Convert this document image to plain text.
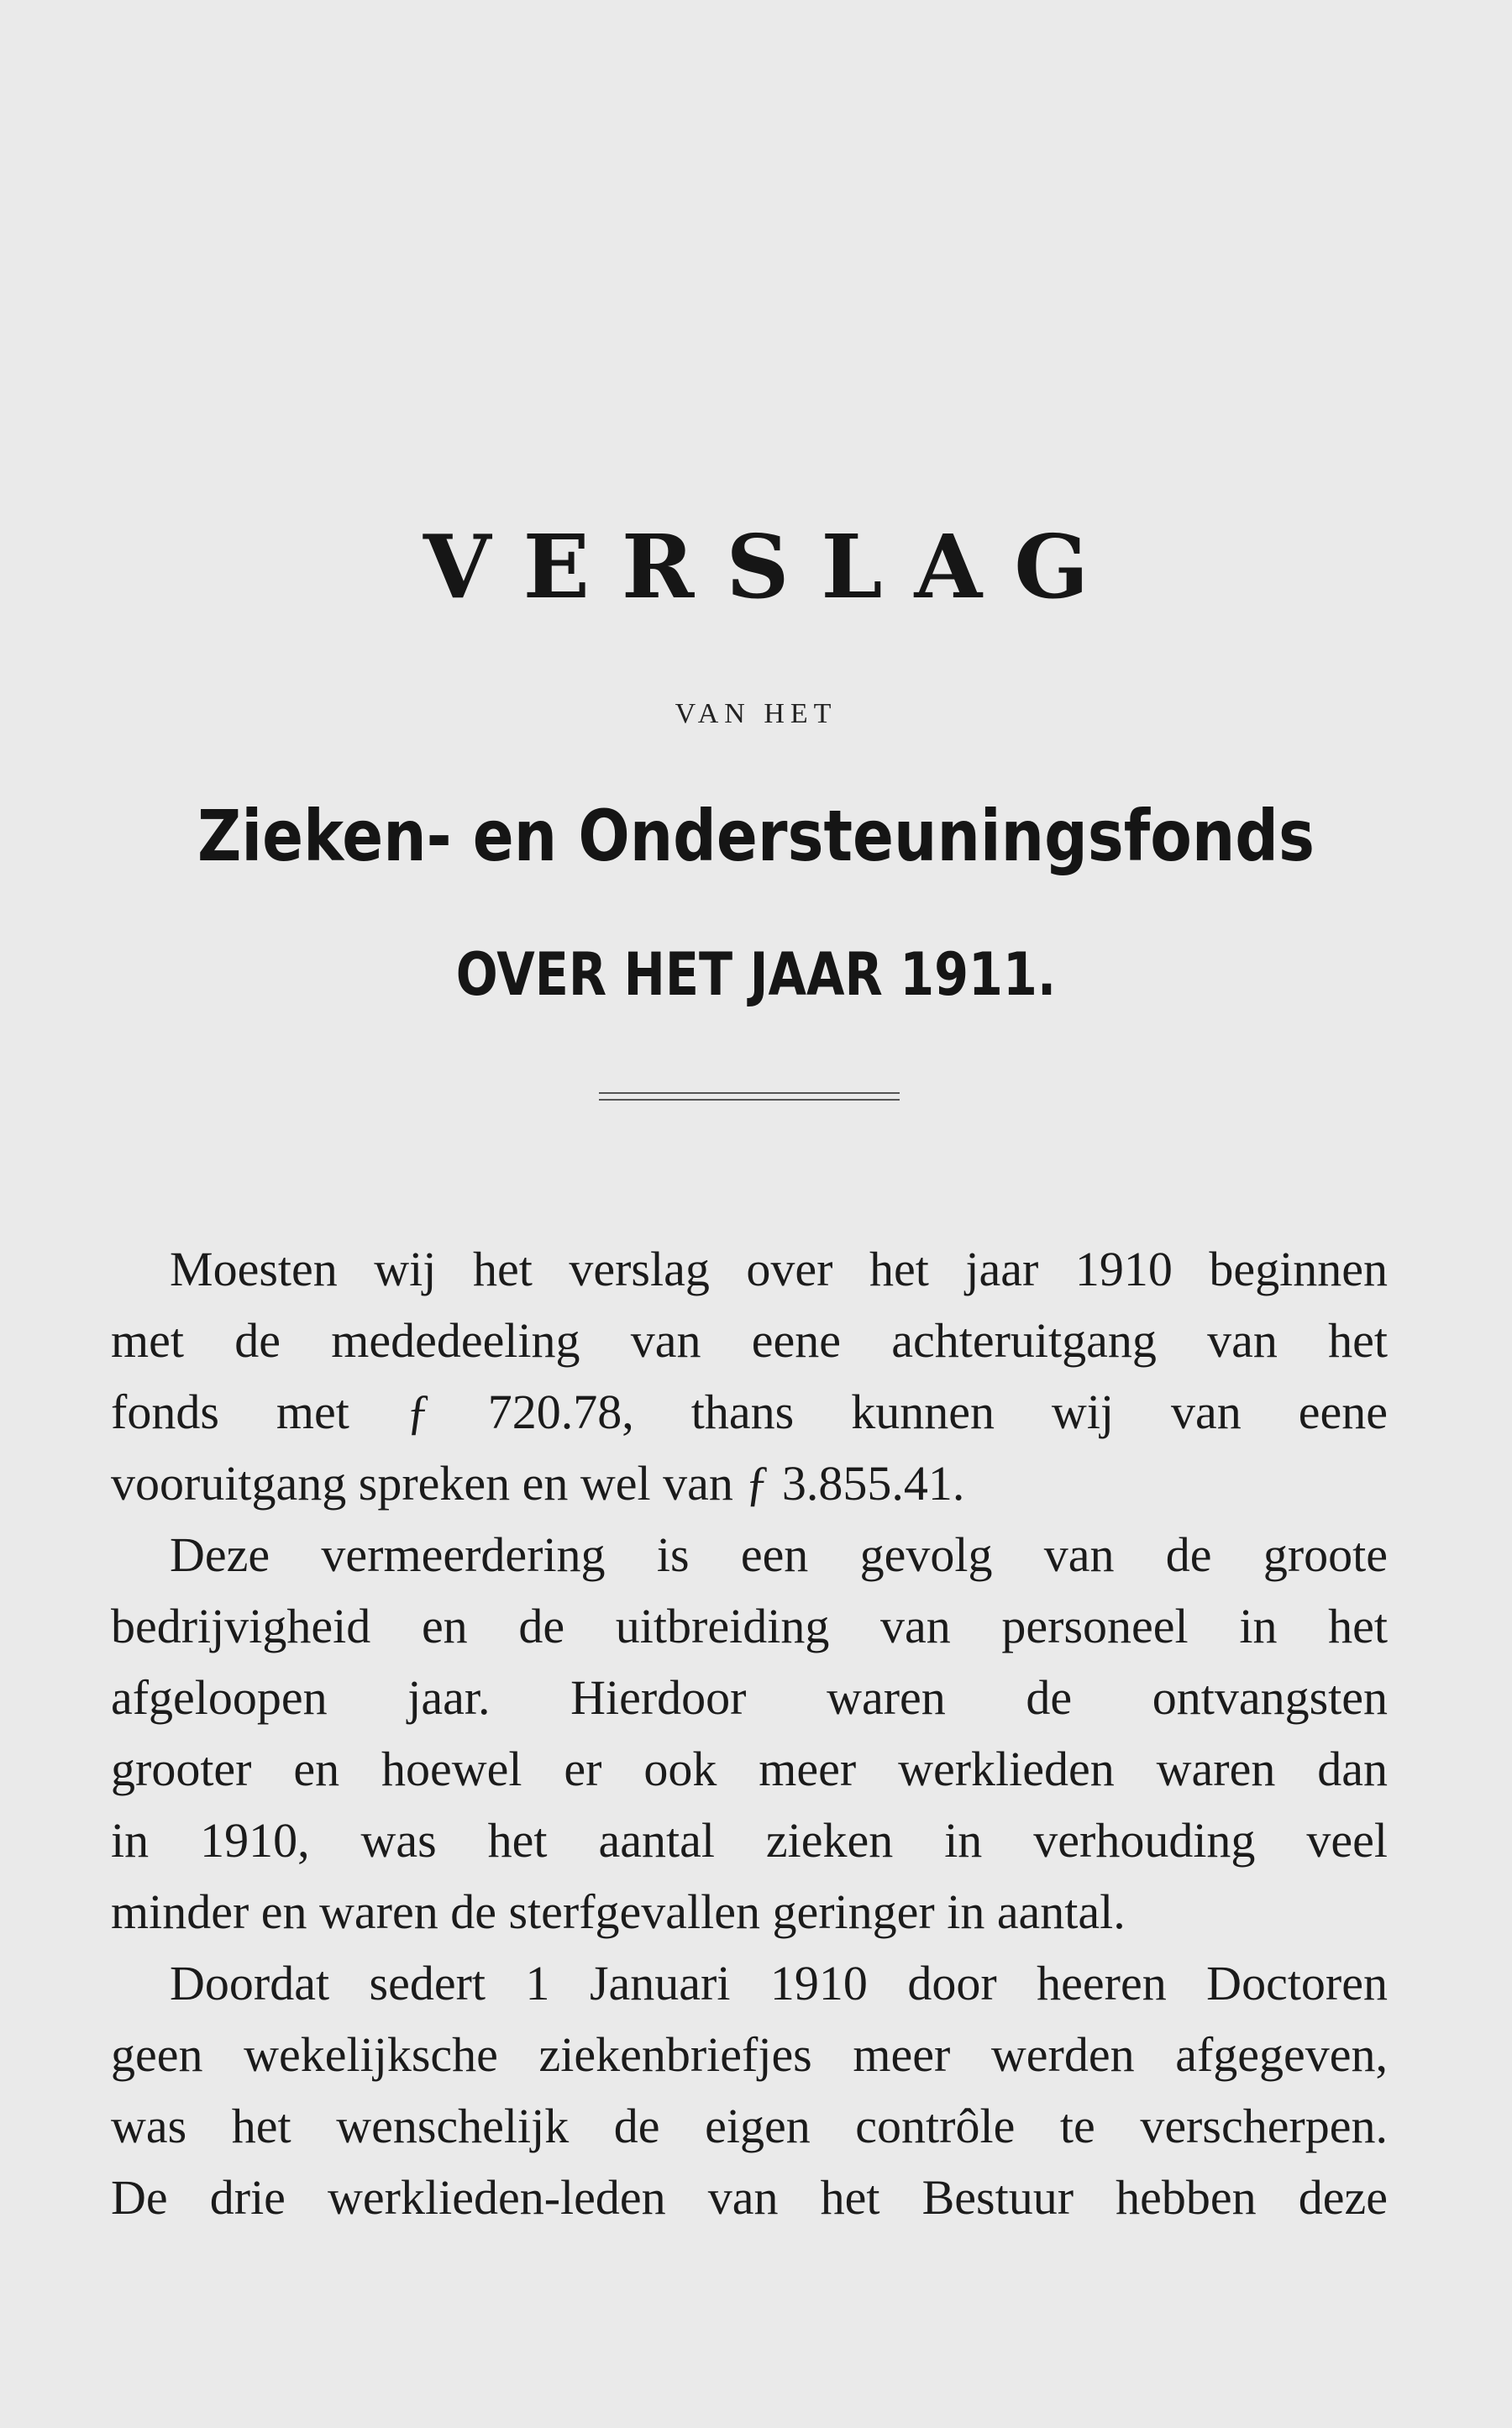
VERSLAG
VAN HET
Zieken- en Ondersteuningsfonds
OVER HET JAAR 1911.
Moesten wij het verslag over het jaar 1910 beginnen
met de mededeeling van eene achteruitgang van het
fonds met ƒ 720.78, thans kunnen wij van eene
vooruitgang spreken en wel van ƒ 3.855.41.
Deze vermeerdering is een gevolg van de groote
bedrijvigheid en de uitbreiding van personeel in het
afgeloopen jaar. Hierdoor waren de ontvangsten
grooter en hoewel er ook meer werklieden waren dan
in 1910, was het aantal zieken in verhouding veel
minder en waren de sterfgevallen geringer in aantal.
Doordat sedert 1 Januari 1910 door heeren Doctoren
geen wekelijksche ziekenbriefjes meer werden afgegeven,
was het wenschelijk de eigen contrôle te verscherpen.
De drie werklieden-leden van het Bestuur hebben deze
